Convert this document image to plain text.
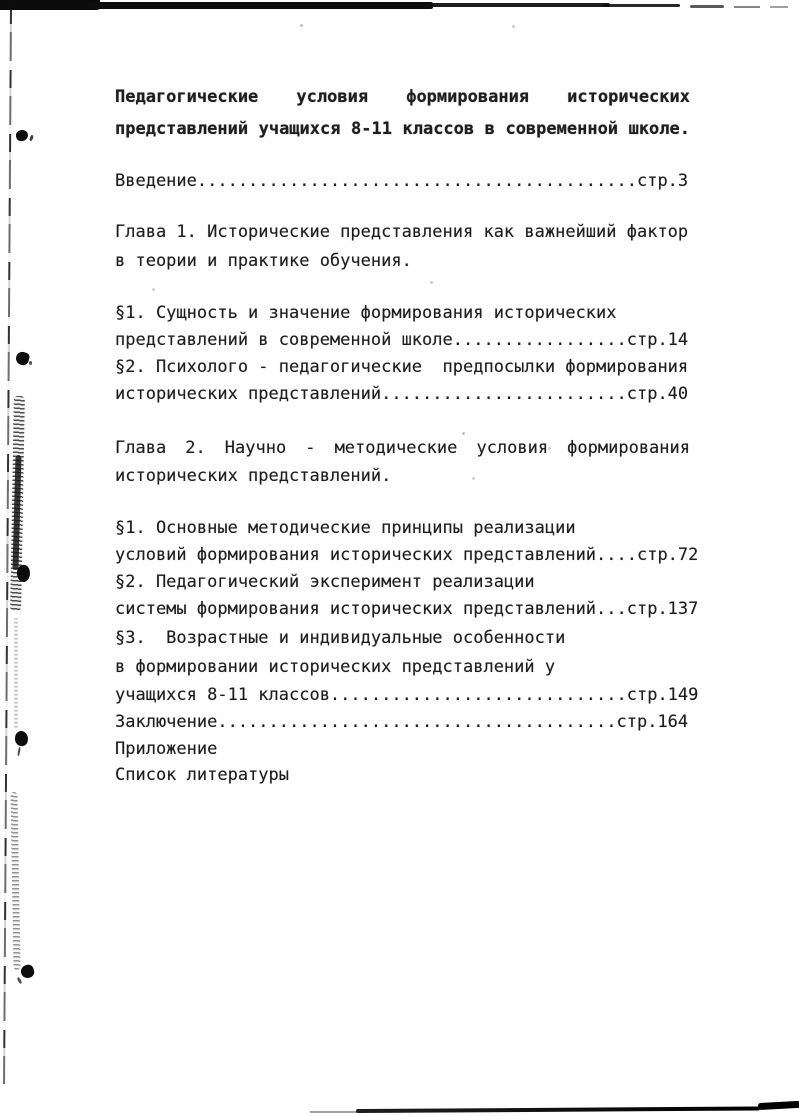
Педагогические условия формирования исторических
представлений учащихся 8-11 классов в современной школе.
Введение...........................................стр.3
Глава 1. Исторические представления как важнейший фактор
в теории и практике обучения.
§1. Сущность и значение формирования исторических
представлений в современной школе.................стр.14
§2. Психолого - педагогические  предпосылки формирования
исторических представлений........................стр.40
Глава 2. Научно - методические условия формирования
исторических представлений.
§1. Основные методические принципы реализации
условий формирования исторических представлений....стр.72
§2. Педагогический эксперимент реализации
системы формирования исторических представлений...стр.137
§3.  Возрастные и индивидуальные особенности
в формировании исторических представлений у
учащихся 8-11 классов.............................стр.149
Заключение.......................................стр.164
Приложение
Список литературы
